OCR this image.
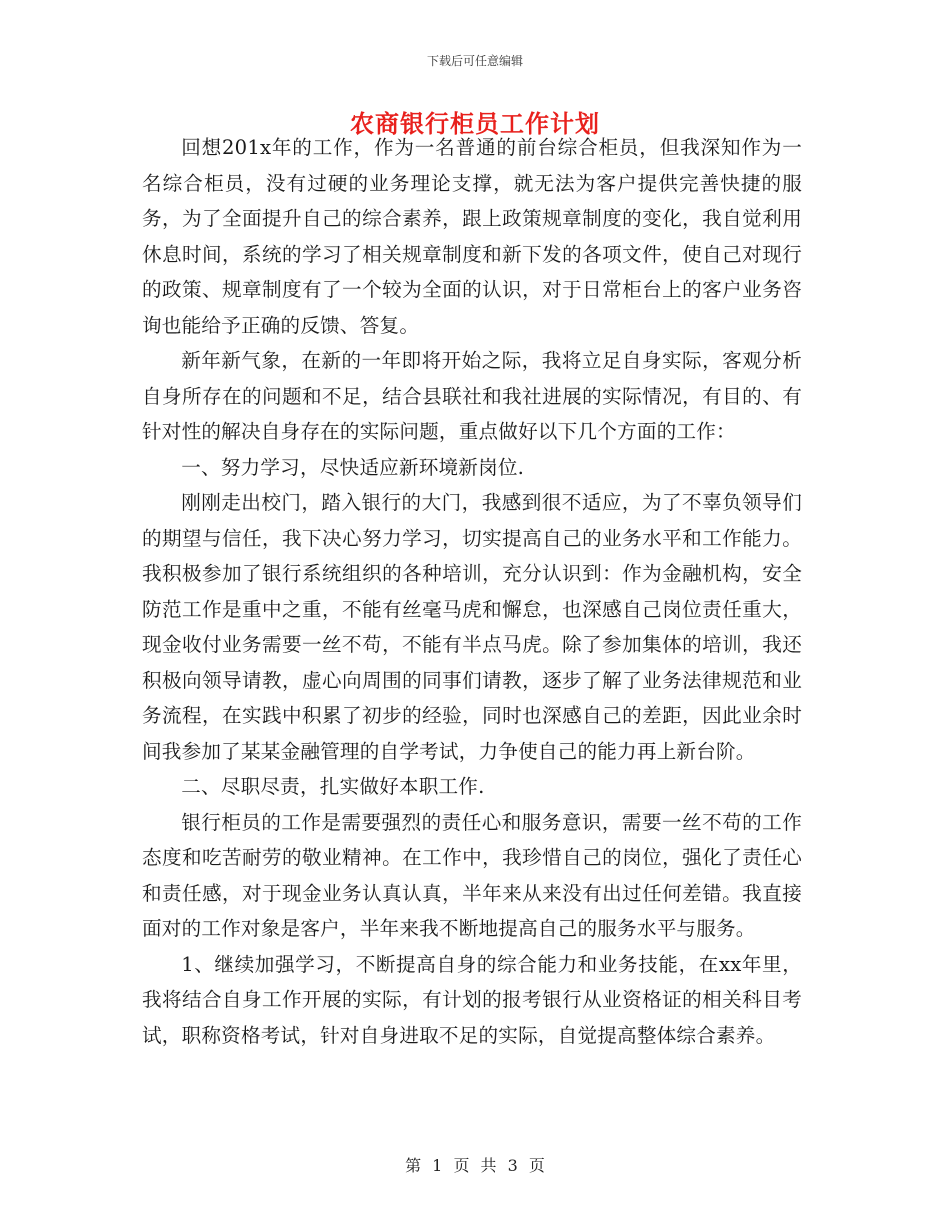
下载后可任意编辑
农商银行柜员工作计划

回想201x年的工作，作为一名普通的前台综合柜员，但我深知作为一名综合柜员，没有过硬的业务理论支撑，就无法为客户提供完善快捷的服务，为了全面提升自己的综合素养，跟上政策规章制度的变化，我自觉利用休息时间，系统的学习了相关规章制度和新下发的各项文件，使自己对现行的政策、规章制度有了一个较为全面的认识，对于日常柜台上的客户业务咨询也能给予正确的反馈、答复。

新年新气象，在新的一年即将开始之际，我将立足自身实际，客观分析自身所存在的问题和不足，结合县联社和我社进展的实际情况，有目的、有针对性的解决自身存在的实际问题，重点做好以下几个方面的工作：

一、努力学习，尽快适应新环境新岗位.

刚刚走出校门，踏入银行的大门，我感到很不适应，为了不辜负领导们的期望与信任，我下决心努力学习，切实提高自己的业务水平和工作能力。我积极参加了银行系统组织的各种培训，充分认识到：作为金融机构，安全防范工作是重中之重，不能有丝毫马虎和懈怠，也深感自己岗位责任重大，现金收付业务需要一丝不苟，不能有半点马虎。除了参加集体的培训，我还积极向领导请教，虚心向周围的同事们请教，逐步了解了业务法律规范和业务流程，在实践中积累了初步的经验，同时也深感自己的差距，因此业余时间我参加了某某金融管理的自学考试，力争使自己的能力再上新台阶。

二、尽职尽责，扎实做好本职工作.

银行柜员的工作是需要强烈的责任心和服务意识，需要一丝不苟的工作态度和吃苦耐劳的敬业精神。在工作中，我珍惜自己的岗位，强化了责任心和责任感，对于现金业务认真认真，半年来从来没有出过任何差错。我直接面对的工作对象是客户，半年来我不断地提高自己的服务水平与服务。

1、继续加强学习，不断提高自身的综合能力和业务技能，在xx年里，我将结合自身工作开展的实际，有计划的报考银行从业资格证的相关科目考试，职称资格考试，针对自身进取不足的实际，自觉提高整体综合素养。

第 1 页 共 3 页
